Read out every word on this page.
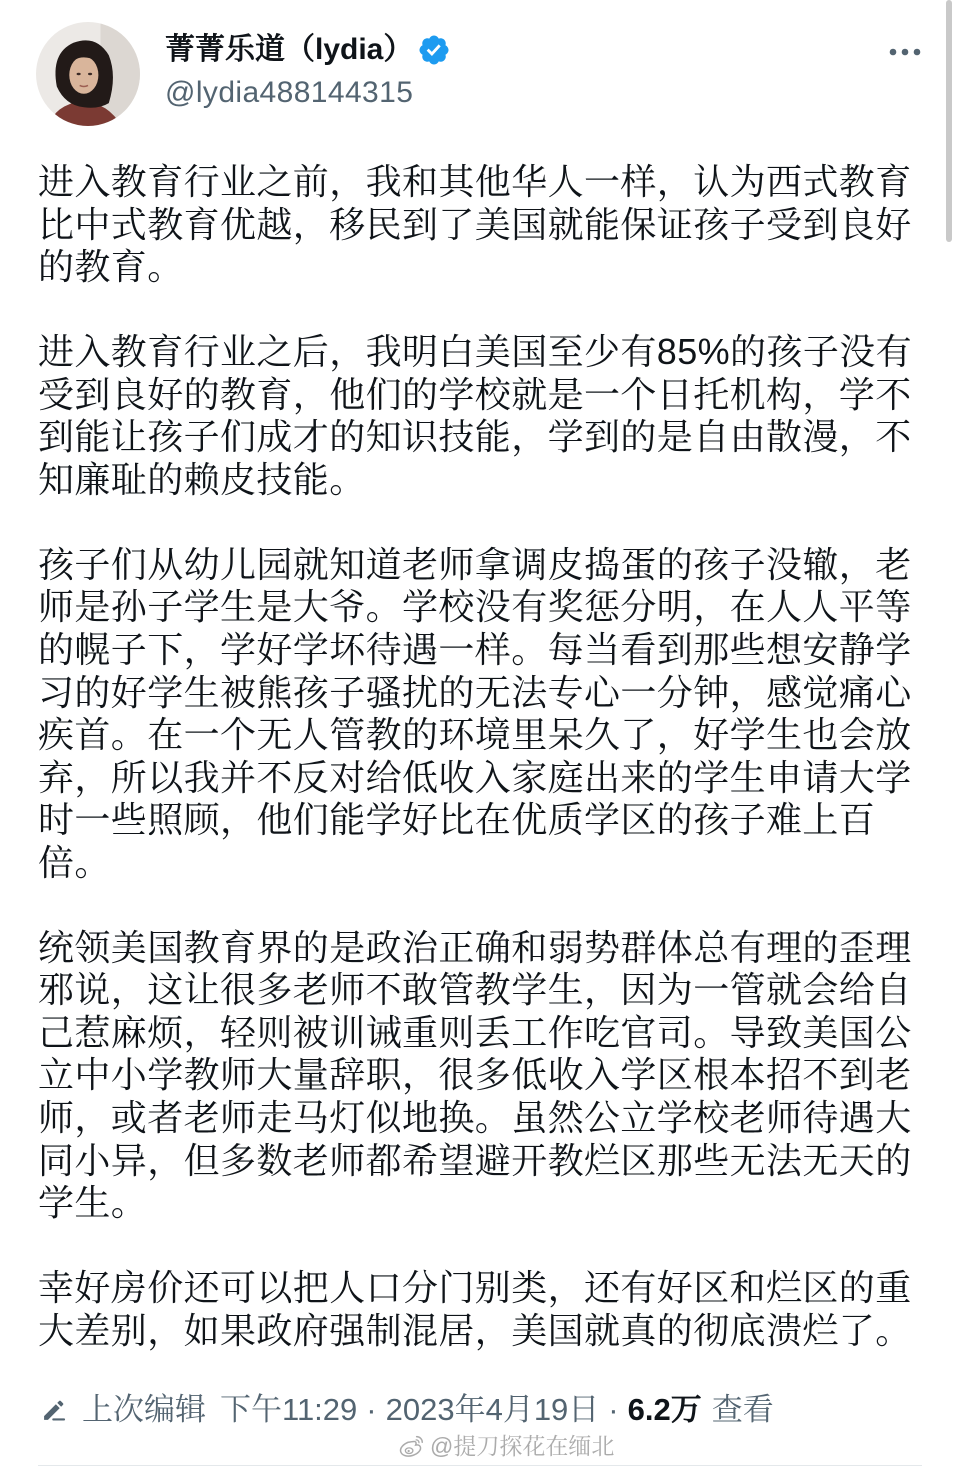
菁菁乐道（lydia）
@lydia488144315

进入教育行业之前，我和其他华人一样，认为西式教育
比中式教育优越，移民到了美国就能保证孩子受到良好
的教育。

进入教育行业之后，我明白美国至少有85%的孩子没有
受到良好的教育，他们的学校就是一个日托机构，学不
到能让孩子们成才的知识技能，学到的是自由散漫，不
知廉耻的赖皮技能。

孩子们从幼儿园就知道老师拿调皮捣蛋的孩子没辙，老
师是孙子学生是大爷。学校没有奖惩分明，在人人平等
的幌子下，学好学坏待遇一样。每当看到那些想安静学
习的好学生被熊孩子骚扰的无法专心一分钟，感觉痛心
疾首。在一个无人管教的环境里呆久了，好学生也会放
弃，所以我并不反对给低收入家庭出来的学生申请大学
时一些照顾，他们能学好比在优质学区的孩子难上百
倍。

统领美国教育界的是政治正确和弱势群体总有理的歪理
邪说，这让很多老师不敢管教学生，因为一管就会给自
己惹麻烦，轻则被训诫重则丢工作吃官司。导致美国公
立中小学教师大量辞职，很多低收入学区根本招不到老
师，或者老师走马灯似地换。虽然公立学校老师待遇大
同小异，但多数老师都希望避开教烂区那些无法无天的
学生。

幸好房价还可以把人口分门别类，还有好区和烂区的重
大差别，如果政府强制混居，美国就真的彻底溃烂了。

上次编辑 下午11:29 · 2023年4月19日 · 6.2万 查看
@提刀探花在缅北
